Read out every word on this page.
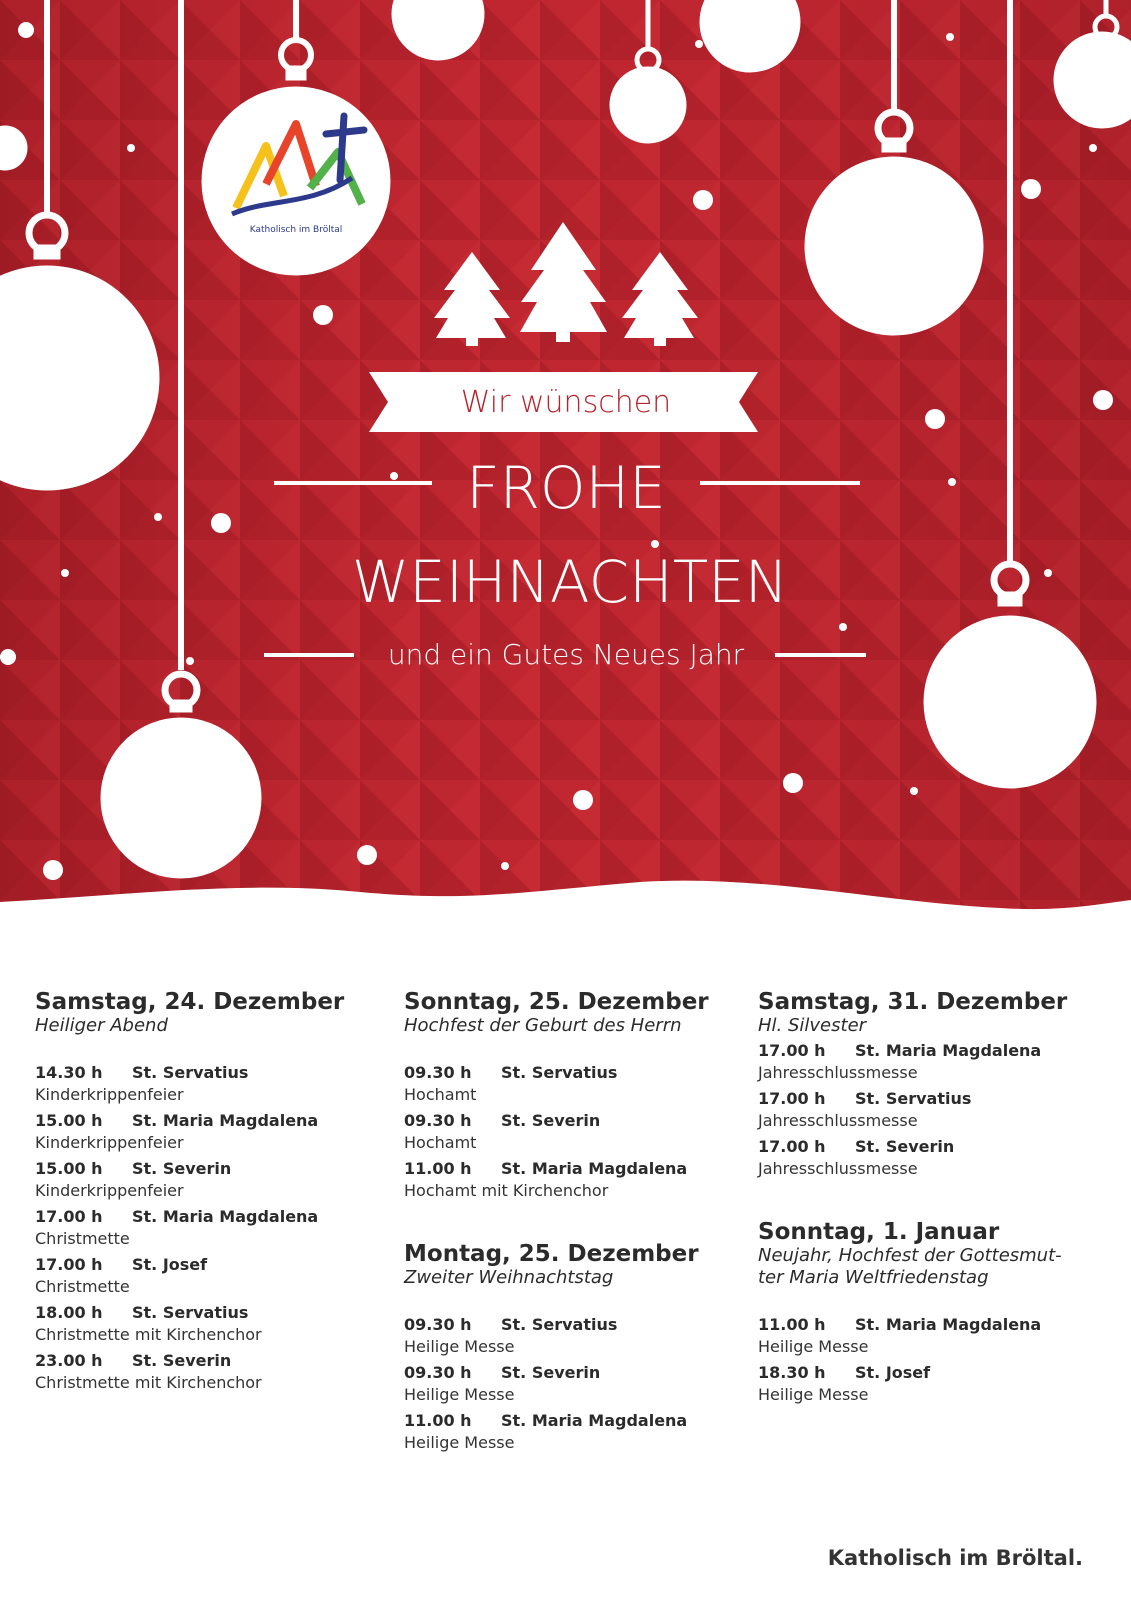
Katholisch im Bröltal
Wir wünschen
FROHE
WEIHNACHTEN
und ein Gutes Neues Jahr
Samstag, 24. Dezember
Heiliger Abend
14.30 h St. Servatius
Kinderkrippenfeier
15.00 h St. Maria Magdalena
Kinderkrippenfeier
15.00 h St. Severin
Kinderkrippenfeier
17.00 h St. Maria Magdalena
Christmette
17.00 h St. Josef
Christmette
18.00 h St. Servatius
Christmette mit Kirchenchor
23.00 h St. Severin
Christmette mit Kirchenchor
Sonntag, 25. Dezember
Hochfest der Geburt des Herrn
09.30 h St. Servatius
Hochamt
09.30 h St. Severin
Hochamt
11.00 h St. Maria Magdalena
Hochamt mit Kirchenchor
Montag, 25. Dezember
Zweiter Weihnachtstag
09.30 h St. Servatius
Heilige Messe
09.30 h St. Severin
Heilige Messe
11.00 h St. Maria Magdalena
Heilige Messe
Samstag, 31. Dezember
Hl. Silvester
17.00 h St. Maria Magdalena
Jahresschlussmesse
17.00 h St. Servatius
Jahresschlussmesse
17.00 h St. Severin
Jahresschlussmesse
Sonntag, 1. Januar
Neujahr, Hochfest der Gottesmut-
ter Maria Weltfriedenstag
11.00 h St. Maria Magdalena
Heilige Messe
18.30 h St. Josef
Heilige Messe
Katholisch im Bröltal.
